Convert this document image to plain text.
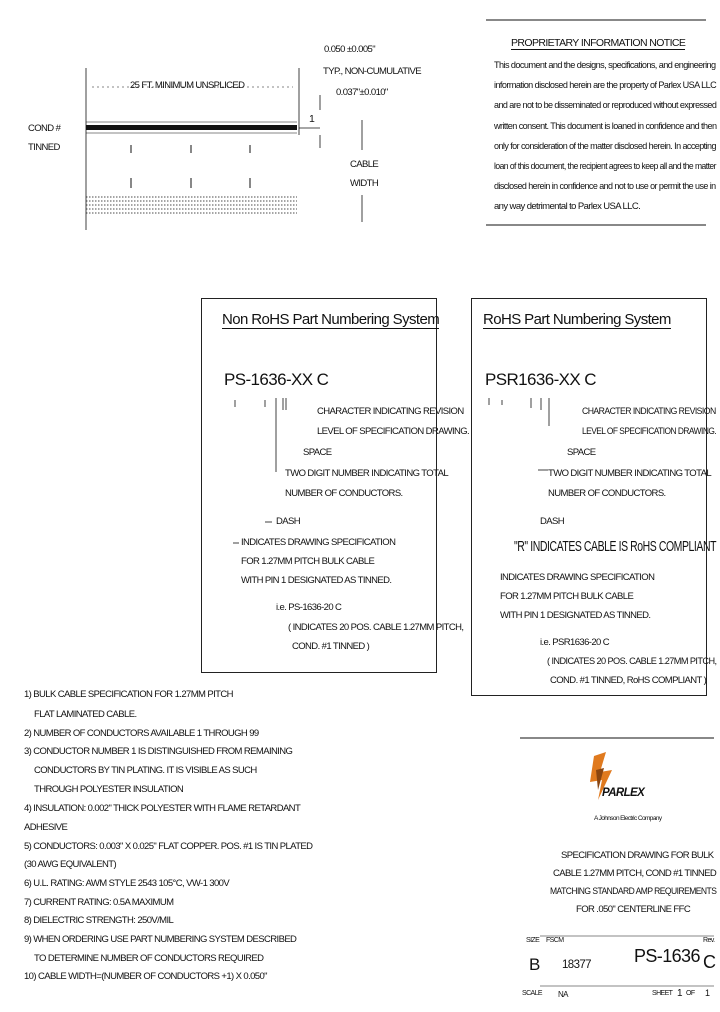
PROPRIETARY INFORMATION NOTICE
This document and the designs, specifications, and engineering
information disclosed herein are the property of Parlex USA LLC
and are not to be disseminated or reproduced without expressed
written consent. This document is loaned in confidence and then
only for consideration of the matter disclosed herein. In accepting
loan of this document, the recipient agrees to keep all and the matter
disclosed herein in confidence and not to use or permit the use in
any way detrimental to Parlex USA LLC.
0.050 ±0.005"
TYP., NON-CUMULATIVE
25 FT. MINIMUM UNSPLICED
0.037"±0.010"
COND #
TINNED
1
CABLE
WIDTH
Non RoHS Part Numbering System
PS-1636-XX C
CHARACTER INDICATING REVISION
LEVEL OF SPECIFICATION DRAWING.
SPACE
TWO DIGIT NUMBER INDICATING TOTAL
NUMBER OF CONDUCTORS.
DASH
INDICATES DRAWING SPECIFICATION
FOR 1.27MM PITCH BULK CABLE
WITH PIN 1 DESIGNATED AS TINNED.
i.e. PS-1636-20 C
( INDICATES 20 POS. CABLE 1.27MM PITCH,
COND. #1 TINNED )
RoHS Part Numbering System
PSR1636-XX C
CHARACTER INDICATING REVISION
LEVEL OF SPECIFICATION DRAWING.
SPACE
TWO DIGIT NUMBER INDICATING TOTAL
NUMBER OF CONDUCTORS.
DASH
"R" INDICATES CABLE IS RoHS COMPLIANT
INDICATES DRAWING SPECIFICATION
FOR 1.27MM PITCH BULK CABLE
WITH PIN 1 DESIGNATED AS TINNED.
i.e. PSR1636-20 C
( INDICATES 20 POS. CABLE 1.27MM PITCH,
COND. #1 TINNED, RoHS COMPLIANT )
1) BULK CABLE SPECIFICATION FOR 1.27MM PITCH
FLAT LAMINATED CABLE.
2) NUMBER OF CONDUCTORS AVAILABLE 1 THROUGH 99
3) CONDUCTOR NUMBER 1 IS DISTINGUISHED FROM REMAINING
CONDUCTORS BY TIN PLATING. IT IS VISIBLE AS SUCH
THROUGH POLYESTER INSULATION
4) INSULATION: 0.002" THICK POLYESTER WITH FLAME RETARDANT
ADHESIVE
5) CONDUCTORS: 0.003" X 0.025" FLAT COPPER. POS. #1 IS TIN PLATED
(30 AWG EQUIVALENT)
6) U.L. RATING: AWM STYLE 2543 105°C, VW-1 300V
7) CURRENT RATING: 0.5A MAXIMUM
8) DIELECTRIC STRENGTH: 250V/MIL
9) WHEN ORDERING USE PART NUMBERING SYSTEM DESCRIBED
TO DETERMINE NUMBER OF CONDUCTORS REQUIRED
10) CABLE WIDTH=(NUMBER OF CONDUCTORS +1) X 0.050"
PARLEX
A Johnson Electric Company
SPECIFICATION DRAWING FOR BULK
CABLE 1.27MM PITCH, COND #1 TINNED
MATCHING STANDARD AMP REQUIREMENTS
FOR .050" CENTERLINE FFC
SIZE FSCM
B 18377 PS-1636
Rev.
C
SCALE NA	SHEET 1 OF 1
